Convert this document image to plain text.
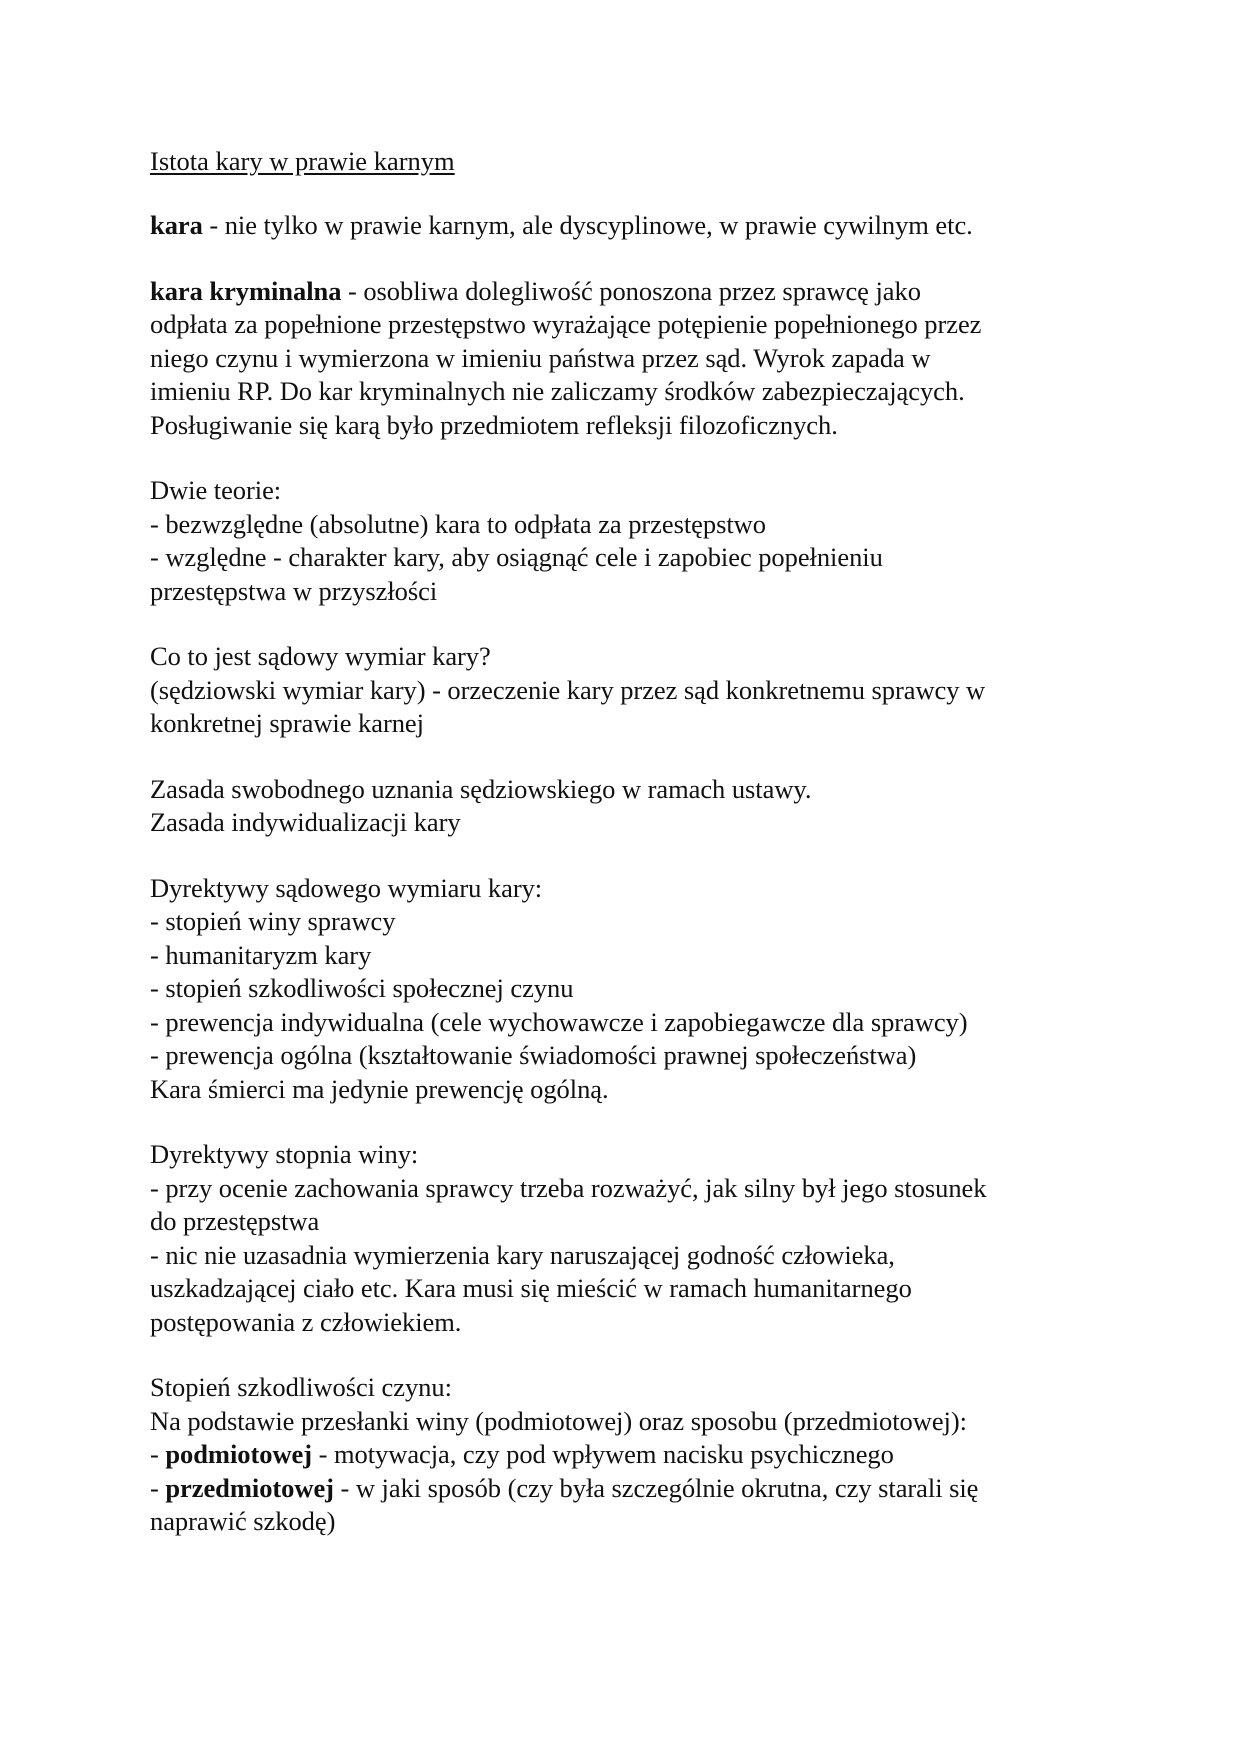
Istota kary w prawie karnym

kara - nie tylko w prawie karnym, ale dyscyplinowe, w prawie cywilnym etc.

kara kryminalna - osobliwa dolegliwość ponoszona przez sprawcę jako
odpłata za popełnione przestępstwo wyrażające potępienie popełnionego przez
niego czynu i wymierzona w imieniu państwa przez sąd. Wyrok zapada w
imieniu RP. Do kar kryminalnych nie zaliczamy środków zabezpieczających.
Posługiwanie się karą było przedmiotem refleksji filozoficznych.

Dwie teorie:
- bezwzględne (absolutne) kara to odpłata za przestępstwo
- względne - charakter kary, aby osiągnąć cele i zapobiec popełnieniu
przestępstwa w przyszłości

Co to jest sądowy wymiar kary?
(sędziowski wymiar kary) - orzeczenie kary przez sąd konkretnemu sprawcy w
konkretnej sprawie karnej

Zasada swobodnego uznania sędziowskiego w ramach ustawy.
Zasada indywidualizacji kary

Dyrektywy sądowego wymiaru kary:
- stopień winy sprawcy
- humanitaryzm kary
- stopień szkodliwości społecznej czynu
- prewencja indywidualna (cele wychowawcze i zapobiegawcze dla sprawcy)
- prewencja ogólna (kształtowanie świadomości prawnej społeczeństwa)
Kara śmierci ma jedynie prewencję ogólną.

Dyrektywy stopnia winy:
- przy ocenie zachowania sprawcy trzeba rozważyć, jak silny był jego stosunek
do przestępstwa
- nic nie uzasadnia wymierzenia kary naruszającej godność człowieka,
uszkadzającej ciało etc. Kara musi się mieścić w ramach humanitarnego
postępowania z człowiekiem.

Stopień szkodliwości czynu:
Na podstawie przesłanki winy (podmiotowej) oraz sposobu (przedmiotowej):
- podmiotowej - motywacja, czy pod wpływem nacisku psychicznego
- przedmiotowej - w jaki sposób (czy była szczególnie okrutna, czy starali się
naprawić szkodę)
